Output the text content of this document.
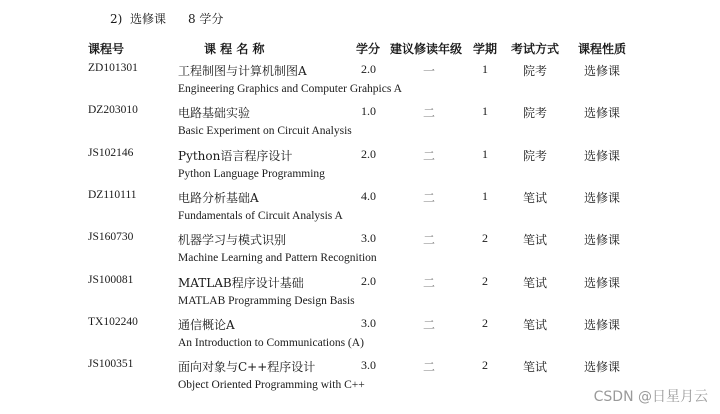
2)  选修课 8 学分
课程号	课 程 名 称	学分 建议修读年级 学期 考试方式 课程性质
ZD101301	工程制图与计算机制图A	2.0	一	1	院考	选修课
Engineering Graphics and Computer Grahpics A
DZ203010	电路基础实验	1.0	二	1	院考	选修课
Basic Experiment on Circuit Analysis
JS102146	Python语言程序设计	2.0	二	1	院考	选修课
Python Language Programming
DZ110111	电路分析基础A	4.0	二	1	笔试	选修课
Fundamentals of Circuit Analysis A
JS160730	机器学习与模式识别	3.0	二	2	笔试	选修课
Machine Learning and Pattern Recognition
JS100081	MATLAB程序设计基础	2.0	二	2	笔试	选修课
MATLAB Programming Design Basis
TX102240	通信概论A	3.0	二	2	笔试	选修课
An Introduction to Communications (A)
JS100351	面向对象与C++程序设计	3.0	二	2	笔试	选修课
Object Oriented Programming with C++
CSDN @日星月云
